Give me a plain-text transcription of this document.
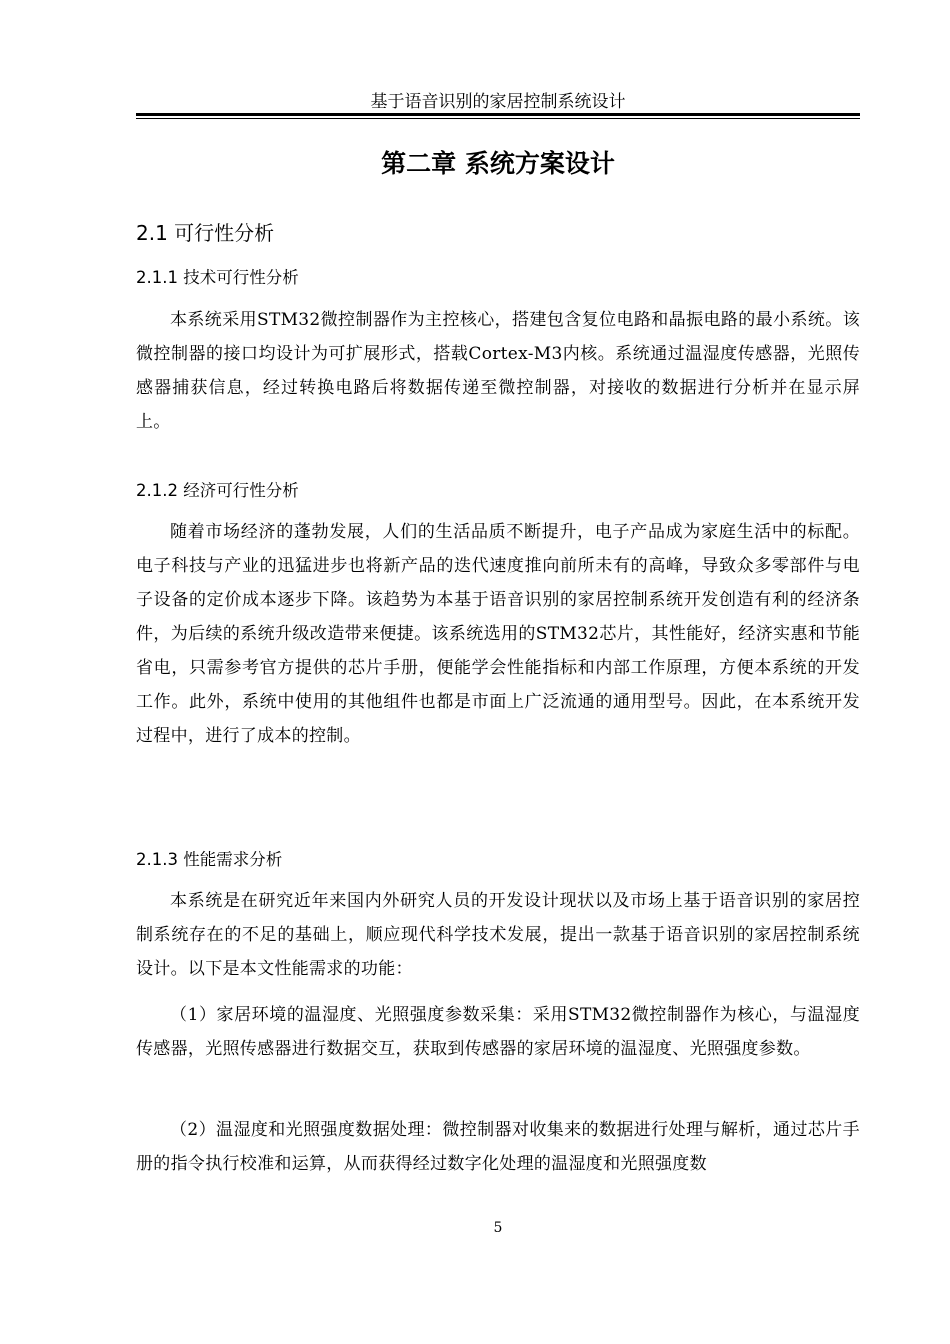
基于语音识别的家居控制系统设计
第二章 系统方案设计
2.1 可行性分析
2.1.1 技术可行性分析
本系统采用STM32微控制器作为主控核心，搭建包含复位电路和晶振电路的最小系统。该微控制器的接口均设计为可扩展形式，搭载Cortex-M3内核。系统通过温湿度传感器，光照传感器捕获信息，经过转换电路后将数据传递至微控制器，对接收的数据进行分析并在显示屏上。
2.1.2 经济可行性分析
随着市场经济的蓬勃发展，人们的生活品质不断提升，电子产品成为家庭生活中的标配。电子科技与产业的迅猛进步也将新产品的迭代速度推向前所未有的高峰，导致众多零部件与电子设备的定价成本逐步下降。该趋势为本基于语音识别的家居控制系统开发创造有利的经济条件，为后续的系统升级改造带来便捷。该系统选用的STM32芯片，其性能好，经济实惠和节能省电，只需参考官方提供的芯片手册，便能学会性能指标和内部工作原理，方便本系统的开发工作。此外，系统中使用的其他组件也都是市面上广泛流通的通用型号。因此，在本系统开发过程中，进行了成本的控制。
2.1.3 性能需求分析
本系统是在研究近年来国内外研究人员的开发设计现状以及市场上基于语音识别的家居控制系统存在的不足的基础上，顺应现代科学技术发展，提出一款基于语音识别的家居控制系统设计。以下是本文性能需求的功能：
（1）家居环境的温湿度、光照强度参数采集：采用STM32微控制器作为核心，与温湿度传感器，光照传感器进行数据交互，获取到传感器的家居环境的温湿度、光照强度参数。
（2）温湿度和光照强度数据处理：微控制器对收集来的数据进行处理与解析，通过芯片手册的指令执行校准和运算，从而获得经过数字化处理的温湿度和光照强度数
5
